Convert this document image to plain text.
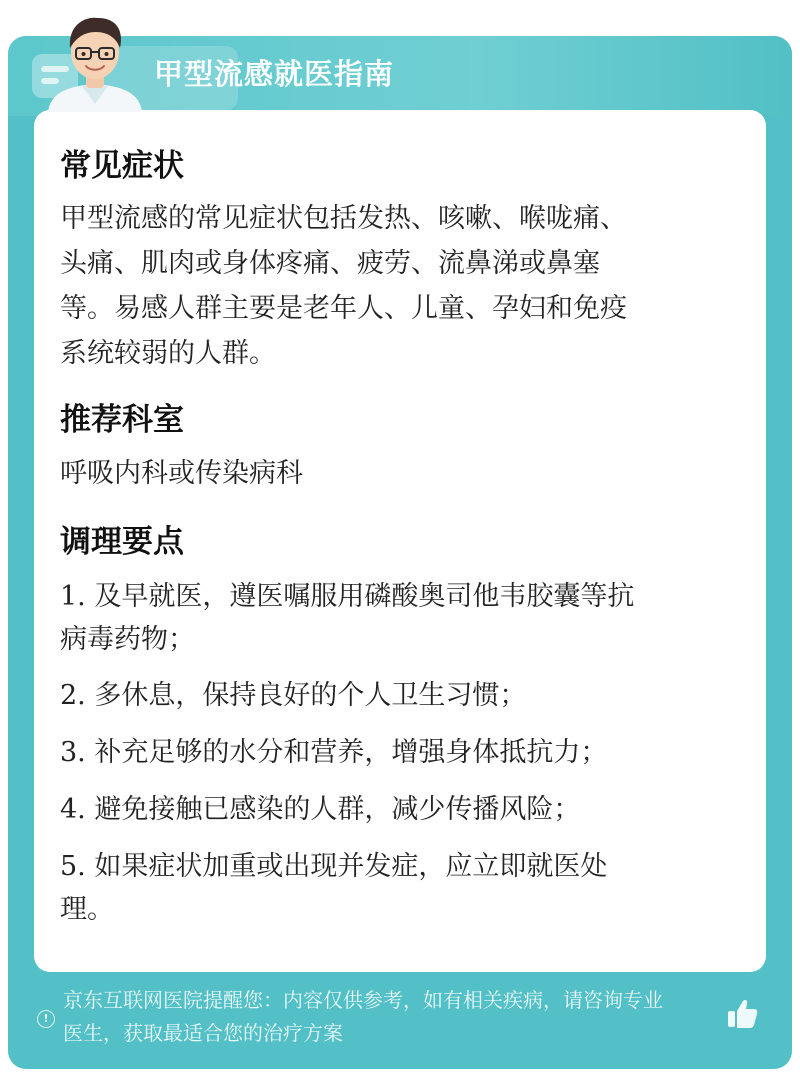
甲型流感就医指南
常见症状
甲型流感的常见症状包括发热、咳嗽、喉咙痛、
头痛、肌肉或身体疼痛、疲劳、流鼻涕或鼻塞
等。易感人群主要是老年人、儿童、孕妇和免疫
系统较弱的人群。
推荐科室
呼吸内科或传染病科
调理要点
1. 及早就医，遵医嘱服用磷酸奥司他韦胶囊等抗
病毒药物；
2. 多休息，保持良好的个人卫生习惯；
3. 补充足够的水分和营养，增强身体抵抗力；
4. 避免接触已感染的人群，减少传播风险；
5. 如果症状加重或出现并发症，应立即就医处
理。
!
京东互联网医院提醒您：内容仅供参考，如有相关疾病，请咨询专业
医生，获取最适合您的治疗方案
